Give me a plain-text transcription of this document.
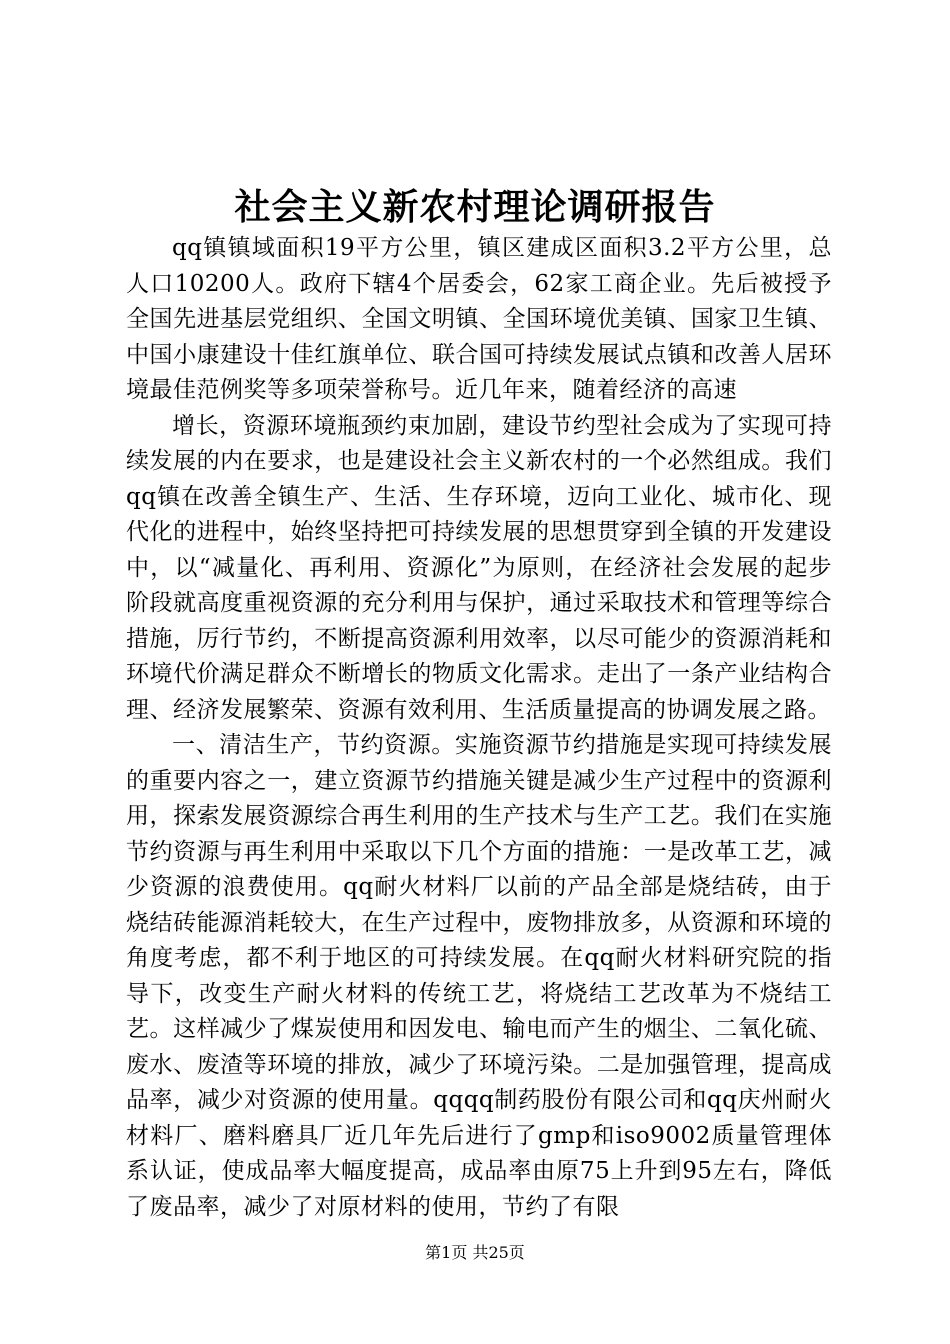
社会主义新农村理论调研报告

qq镇镇域面积19平方公里，镇区建成区面积3.2平方公里，总人口10200人。政府下辖4个居委会，62家工商企业。先后被授予全国先进基层党组织、全国文明镇、全国环境优美镇、国家卫生镇、中国小康建设十佳红旗单位、联合国可持续发展试点镇和改善人居环境最佳范例奖等多项荣誉称号。近几年来，随着经济的高速

增长，资源环境瓶颈约束加剧，建设节约型社会成为了实现可持续发展的内在要求，也是建设社会主义新农村的一个必然组成。我们qq镇在改善全镇生产、生活、生存环境，迈向工业化、城市化、现代化的进程中，始终坚持把可持续发展的思想贯穿到全镇的开发建设中，以“减量化、再利用、资源化”为原则，在经济社会发展的起步阶段就高度重视资源的充分利用与保护，通过采取技术和管理等综合措施，厉行节约，不断提高资源利用效率，以尽可能少的资源消耗和环境代价满足群众不断增长的物质文化需求。走出了一条产业结构合理、经济发展繁荣、资源有效利用、生活质量提高的协调发展之路。

一、清洁生产，节约资源。实施资源节约措施是实现可持续发展的重要内容之一，建立资源节约措施关键是减少生产过程中的资源利用，探索发展资源综合再生利用的生产技术与生产工艺。我们在实施节约资源与再生利用中采取以下几个方面的措施：一是改革工艺，减少资源的浪费使用。qq耐火材料厂以前的产品全部是烧结砖，由于烧结砖能源消耗较大，在生产过程中，废物排放多，从资源和环境的角度考虑，都不利于地区的可持续发展。在qq耐火材料研究院的指导下，改变生产耐火材料的传统工艺，将烧结工艺改革为不烧结工艺。这样减少了煤炭使用和因发电、输电而产生的烟尘、二氧化硫、废水、废渣等环境的排放，减少了环境污染。二是加强管理，提高成品率，减少对资源的使用量。qqqq制药股份有限公司和qq庆州耐火材料厂、磨料磨具厂近几年先后进行了gmp和iso9002质量管理体系认证，使成品率大幅度提高，成品率由原75上升到95左右，降低了废品率，减少了对原材料的使用，节约了有限

第1页 共25页
